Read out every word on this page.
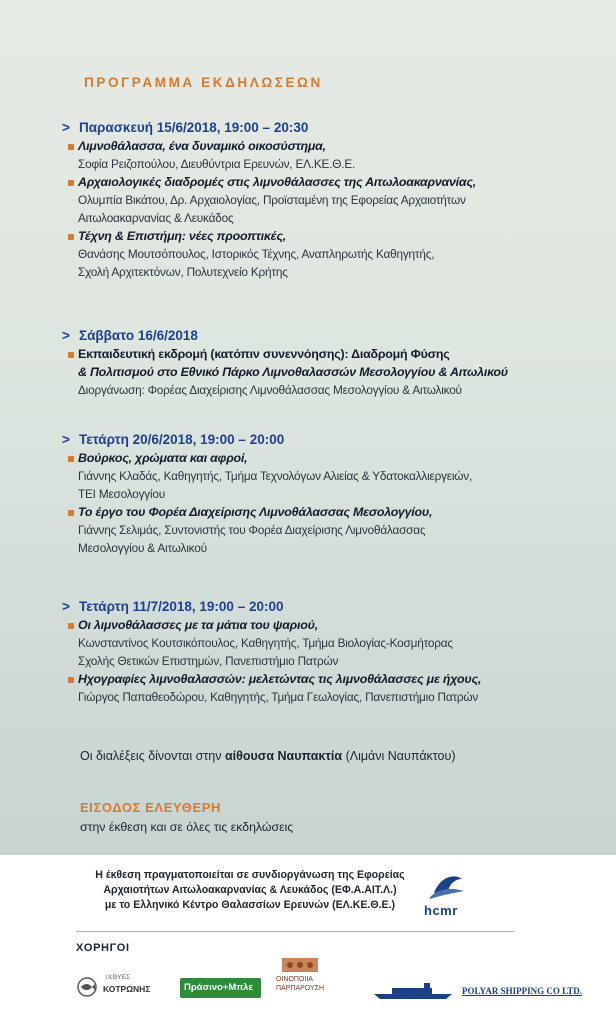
ΠΡΟΓΡΑΜΜΑ ΕΚΔΗΛΩΣΕΩΝ
> Παρασκευή 15/6/2018, 19:00 – 20:30
Λιμνοθάλασσα, ένα δυναμικό οικοσύστημα,
Σοφία Ρειζοπούλου, Διευθύντρια Ερευνών, ΕΛ.ΚΕ.Θ.Ε.
Αρχαιολογικές διαδρομές στις λιμνοθάλασσες της Αιτωλοακαρνανίας,
Ολυμπία Βικάτου, Δρ. Αρχαιολογίας, Προϊσταμένη της Εφορείας Αρχαιοτήτων
Αιτωλοακαρνανίας & Λευκάδος
Τέχνη & Επιστήμη: νέες προοπτικές,
Θανάσης Μουτσόπουλος, Ιστορικός Τέχνης, Αναπληρωτής Καθηγητής,
Σχολή Αρχιτεκτόνων, Πολυτεχνείο Κρήτης
> Σάββατο 16/6/2018
Εκπαιδευτική εκδρομή (κατόπιν συνεννόησης): Διαδρομή Φύσης
& Πολιτισμού στο Εθνικό Πάρκο Λιμνοθαλασσών Μεσολογγίου & Αιτωλικού
Διοργάνωση: Φορέας Διαχείρισης Λιμνοθάλασσας Μεσολογγίου & Αιτωλικού
> Τετάρτη 20/6/2018, 19:00 – 20:00
Βούρκος, χρώματα και αφροί,
Γιάννης Κλαδάς, Καθηγητής, Τμήμα Τεχνολόγων Αλιείας & Υδατοκαλλιεργειών,
ΤΕΙ Μεσολογγίου
Το έργο του Φορέα Διαχείρισης Λιμνοθάλασσας Μεσολογγίου,
Γιάννης Σελιμάς, Συντονιστής του Φορέα Διαχείρισης Λιμνοθάλασσας
Μεσολογγίου & Αιτωλικού
> Τετάρτη 11/7/2018, 19:00 – 20:00
Οι λιμνοθάλασσες με τα μάτια του ψαριού,
Κωνσταντίνος Κουτσικόπουλος, Καθηγητής, Τμήμα Βιολογίας-Κοσμήτορας
Σχολής Θετικών Επιστημών, Πανεπιστήμιο Πατρών
Ηχογραφίες λιμνοθαλασσών: μελετώντας τις λιμνοθάλασσες με ήχους,
Γιώργος Παπαθεοδώρου, Καθηγητής, Τμήμα Γεωλογίας, Πανεπιστήμιο Πατρών
Οι διαλέξεις δίνονται στην αίθουσα Ναυπακτία (Λιμάνι Ναυπάκτου)
ΕΙΣΟΔΟΣ ΕΛΕΥΘΕΡΗ
στην έκθεση και σε όλες τις εκδηλώσεις
Η έκθεση πραγματοποιείται σε συνδιοργάνωση της Εφορείας
Αρχαιοτήτων Αιτωλοακαρνανίας & Λευκάδος (ΕΦ.Α.ΑΙΤ.Λ.)
με το Ελληνικό Κέντρο Θαλασσίων Ερευνών (ΕΛ.ΚΕ.Θ.Ε.)	hcmr
ΧΟΡΗΓΟΙ
ΙΧΘΥΕΣ
ΚΟΤΡΩΝΗΣ	Πράσινο+Μπλε
ΟΙΝΟΠΟΙΙΑ
ΠΑΡΠΑΡΟΥΣΗ	POLYAR SHIPPING CO LTD.
